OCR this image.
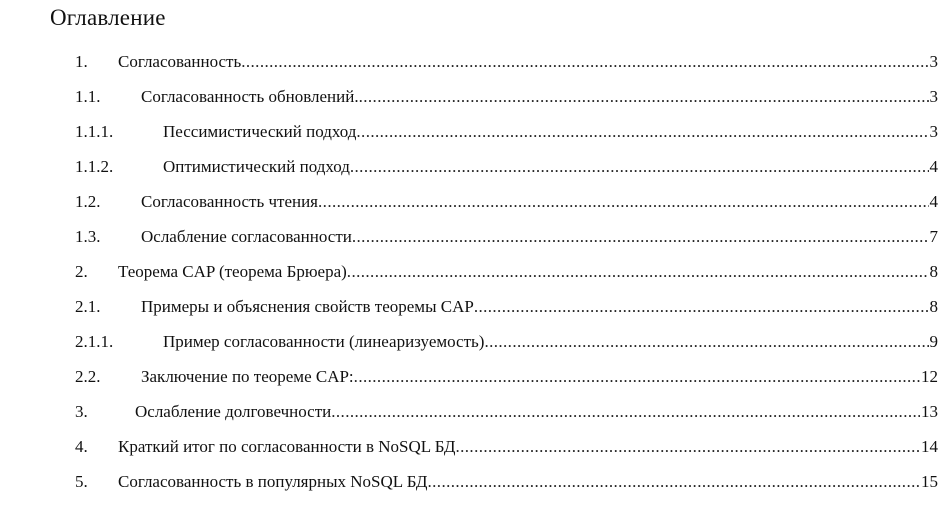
Оглавление
1. Согласованность .....	3
1.1. Согласованность обновлений. .....	3
1.1.1.	Пессимистический подход .....	3
1.1.2.	Оптимистический подход .....	4
1.2. Согласованность чтения .....	4
1.3. Ослабление согласованности .....	7
2. Теорема CAP (теорема Брюера) .....	8
2.1. Примеры и объяснения свойств теоремы CAP .....	8
2.1.1.	Пример согласованности (линеаризуемость) .....	9
2.2. Заключение по теореме CAP: .....	12
3.	Ослабление долговечности .....	13
4. Краткий итог по согласованности в NoSQL БД .....	14
5. Согласованность в популярных NoSQL БД .....	15
